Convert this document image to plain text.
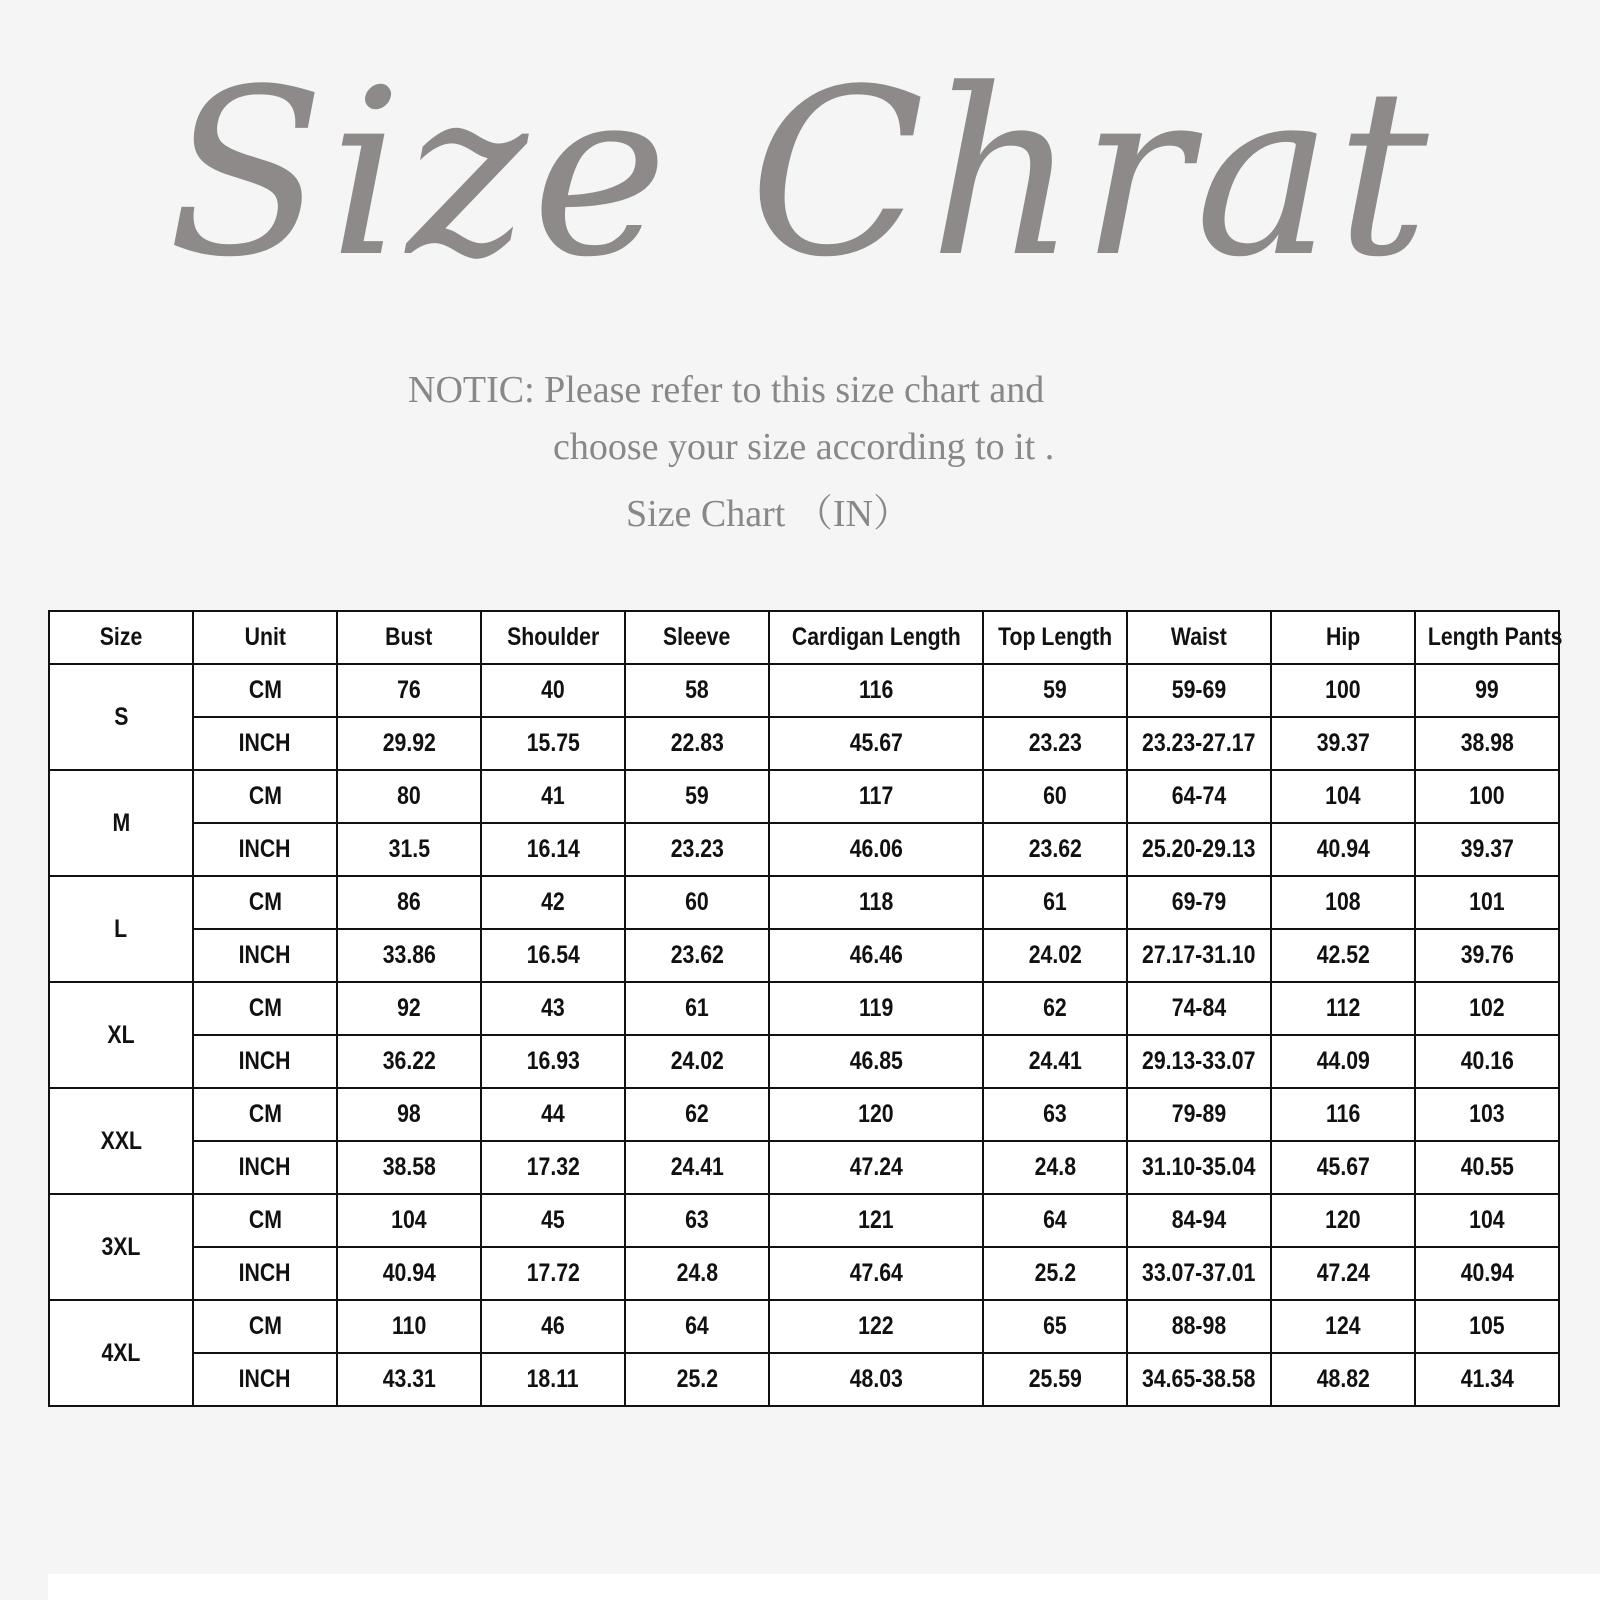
Size Chrat
NOTIC: Please refer to this size chart and
choose your size according to it .
Size Chart （IN）
Size	Unit	Bust	Shoulder	Sleeve	Cardigan Length	Top Length	Waist	Hip	Length Pants
S	CM	76	40	58	116	59	59-69	100	99
	INCH	29.92	15.75	22.83	45.67	23.23	23.23-27.17	39.37	38.98
M	CM	80	41	59	117	60	64-74	104	100
	INCH	31.5	16.14	23.23	46.06	23.62	25.20-29.13	40.94	39.37
L	CM	86	42	60	118	61	69-79	108	101
	INCH	33.86	16.54	23.62	46.46	24.02	27.17-31.10	42.52	39.76
XL	CM	92	43	61	119	62	74-84	112	102
	INCH	36.22	16.93	24.02	46.85	24.41	29.13-33.07	44.09	40.16
XXL	CM	98	44	62	120	63	79-89	116	103
	INCH	38.58	17.32	24.41	47.24	24.8	31.10-35.04	45.67	40.55
3XL	CM	104	45	63	121	64	84-94	120	104
	INCH	40.94	17.72	24.8	47.64	25.2	33.07-37.01	47.24	40.94
4XL	CM	110	46	64	122	65	88-98	124	105
	INCH	43.31	18.11	25.2	48.03	25.59	34.65-38.58	48.82	41.34
